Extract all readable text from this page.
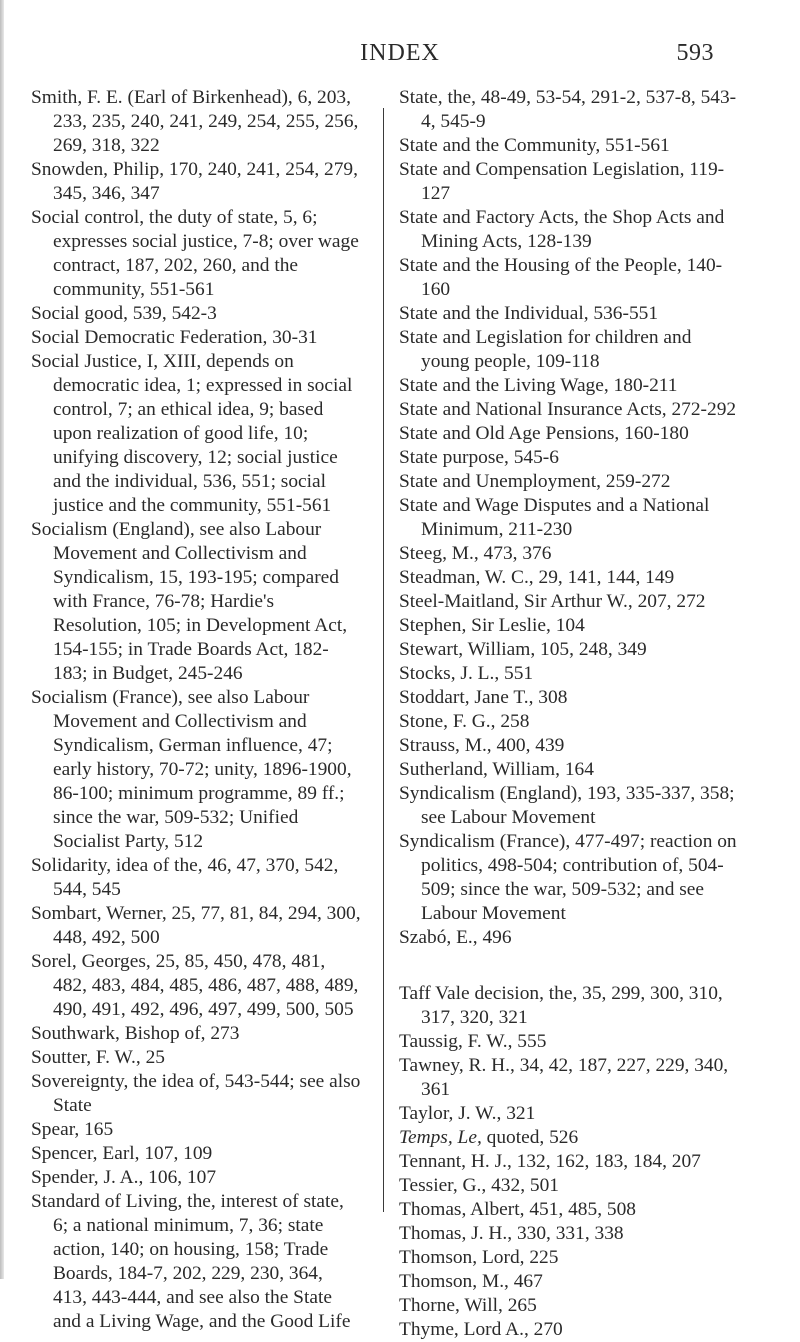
INDEX	593

Smith, F. E. (Earl of Birkenhead), 6, 203, 233, 235, 240, 241, 249, 254, 255, 256, 269, 318, 322

Snowden, Philip, 170, 240, 241, 254, 279, 345, 346, 347

Social control, the duty of state, 5, 6; expresses social justice, 7-8; over wage contract, 187, 202, 260, and the community, 551-561

Social good, 539, 542-3

Social Democratic Federation, 30-31

Social Justice, I, XIII, depends on democratic idea, 1; expressed in social control, 7; an ethical idea, 9; based upon realization of good life, 10; unifying discovery, 12; social justice and the individual, 536, 551; social justice and the community, 551-561

Socialism (England), see also Labour Movement and Collectivism and Syndicalism, 15, 193-195; compared with France, 76-78; Hardie's Resolution, 105; in Development Act, 154-155; in Trade Boards Act, 182-183; in Budget, 245-246

Socialism (France), see also Labour Movement and Collectivism and Syndicalism, German influence, 47; early history, 70-72; unity, 1896-1900, 86-100; minimum programme, 89 ff.; since the war, 509-532; Unified Socialist Party, 512

Solidarity, idea of the, 46, 47, 370, 542, 544, 545

Sombart, Werner, 25, 77, 81, 84, 294, 300, 448, 492, 500

Sorel, Georges, 25, 85, 450, 478, 481, 482, 483, 484, 485, 486, 487, 488, 489, 490, 491, 492, 496, 497, 499, 500, 505

Southwark, Bishop of, 273

Soutter, F. W., 25

Sovereignty, the idea of, 543-544; see also State

Spear, 165

Spencer, Earl, 107, 109

Spender, J. A., 106, 107

Standard of Living, the, interest of state, 6; a national minimum, 7, 36; state action, 140; on housing, 158; Trade Boards, 184-7, 202, 229, 230, 364, 413, 443-444, and see also the State and a Living Wage, and the Good Life

State, the, 48-49, 53-54, 291-2, 537-8, 543-4, 545-9

State and the Community, 551-561

State and Compensation Legislation, 119-127

State and Factory Acts, the Shop Acts and Mining Acts, 128-139

State and the Housing of the People, 140-160

State and the Individual, 536-551

State and Legislation for children and young people, 109-118

State and the Living Wage, 180-211

State and National Insurance Acts, 272-292

State and Old Age Pensions, 160-180

State purpose, 545-6

State and Unemployment, 259-272

State and Wage Disputes and a National Minimum, 211-230

Steeg, M., 473, 376

Steadman, W. C., 29, 141, 144, 149

Steel-Maitland, Sir Arthur W., 207, 272

Stephen, Sir Leslie, 104

Stewart, William, 105, 248, 349

Stocks, J. L., 551

Stoddart, Jane T., 308

Stone, F. G., 258

Strauss, M., 400, 439

Sutherland, William, 164

Syndicalism (England), 193, 335-337, 358; see Labour Movement

Syndicalism (France), 477-497; reaction on politics, 498-504; contribution of, 504-509; since the war, 509-532; and see Labour Movement

Szabó, E., 496

Taff Vale decision, the, 35, 299, 300, 310, 317, 320, 321

Taussig, F. W., 555

Tawney, R. H., 34, 42, 187, 227, 229, 340, 361

Taylor, J. W., 321

Temps, Le, quoted, 526

Tennant, H. J., 132, 162, 183, 184, 207

Tessier, G., 432, 501

Thomas, Albert, 451, 485, 508

Thomas, J. H., 330, 331, 338

Thomson, Lord, 225

Thomson, M., 467

Thorne, Will, 265

Thyme, Lord A., 270
